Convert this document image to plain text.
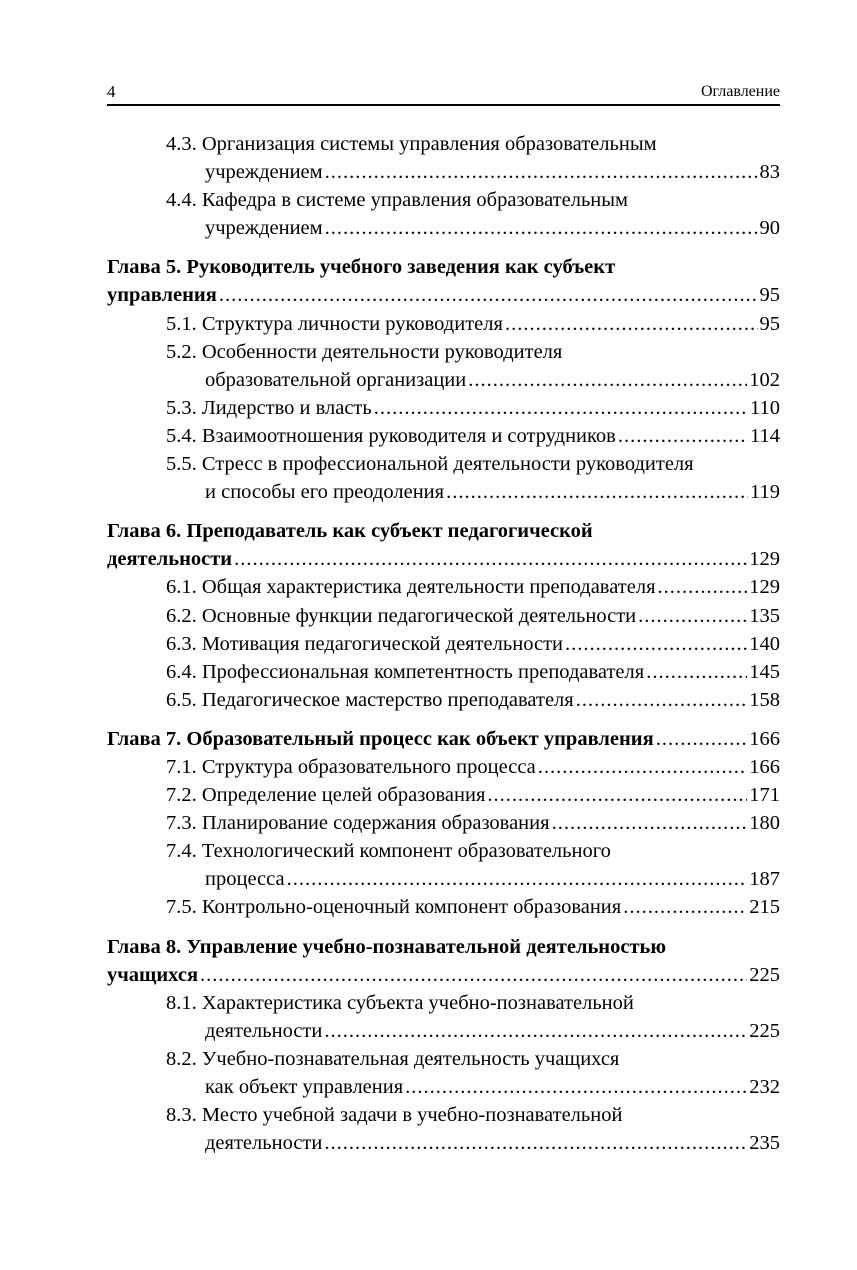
4	Оглавление
4.3. Организация системы управления образовательным
учреждением .....	83
4.4. Кафедра в системе управления образовательным
учреждением .....	90
Глава 5. Руководитель учебного заведения как субъект
управления .....	95
5.1. Структура личности руководителя .....	95
5.2. Особенности деятельности руководителя
образовательной организации .....	102
5.3. Лидерство и власть .....	110
5.4. Взаимоотношения руководителя и сотрудников .....	114
5.5. Стресс в профессиональной деятельности руководителя
и способы его преодоления .....	119
Глава 6. Преподаватель как субъект педагогической
деятельности .....	129
6.1. Общая характеристика деятельности преподавателя .....	129
6.2. Основные функции педагогической деятельности .....	135
6.3. Мотивация педагогической деятельности .....	140
6.4. Профессиональная компетентность преподавателя .....	145
6.5. Педагогическое мастерство преподавателя .....	158
Глава 7. Образовательный процесс как объект управления .....	166
7.1. Структура образовательного процесса .....	166
7.2. Определение целей образования .....	171
7.3. Планирование содержания образования .....	180
7.4. Технологический компонент образовательного
процесса .....	187
7.5. Контрольно-оценочный компонент образования .....	215
Глава 8. Управление учебно-познавательной деятельностью
учащихся .....	225
8.1. Характеристика субъекта учебно-познавательной
деятельности .....	225
8.2. Учебно-познавательная деятельность учащихся
как объект управления .....	232
8.3. Место учебной задачи в учебно-познавательной
деятельности .....	235
